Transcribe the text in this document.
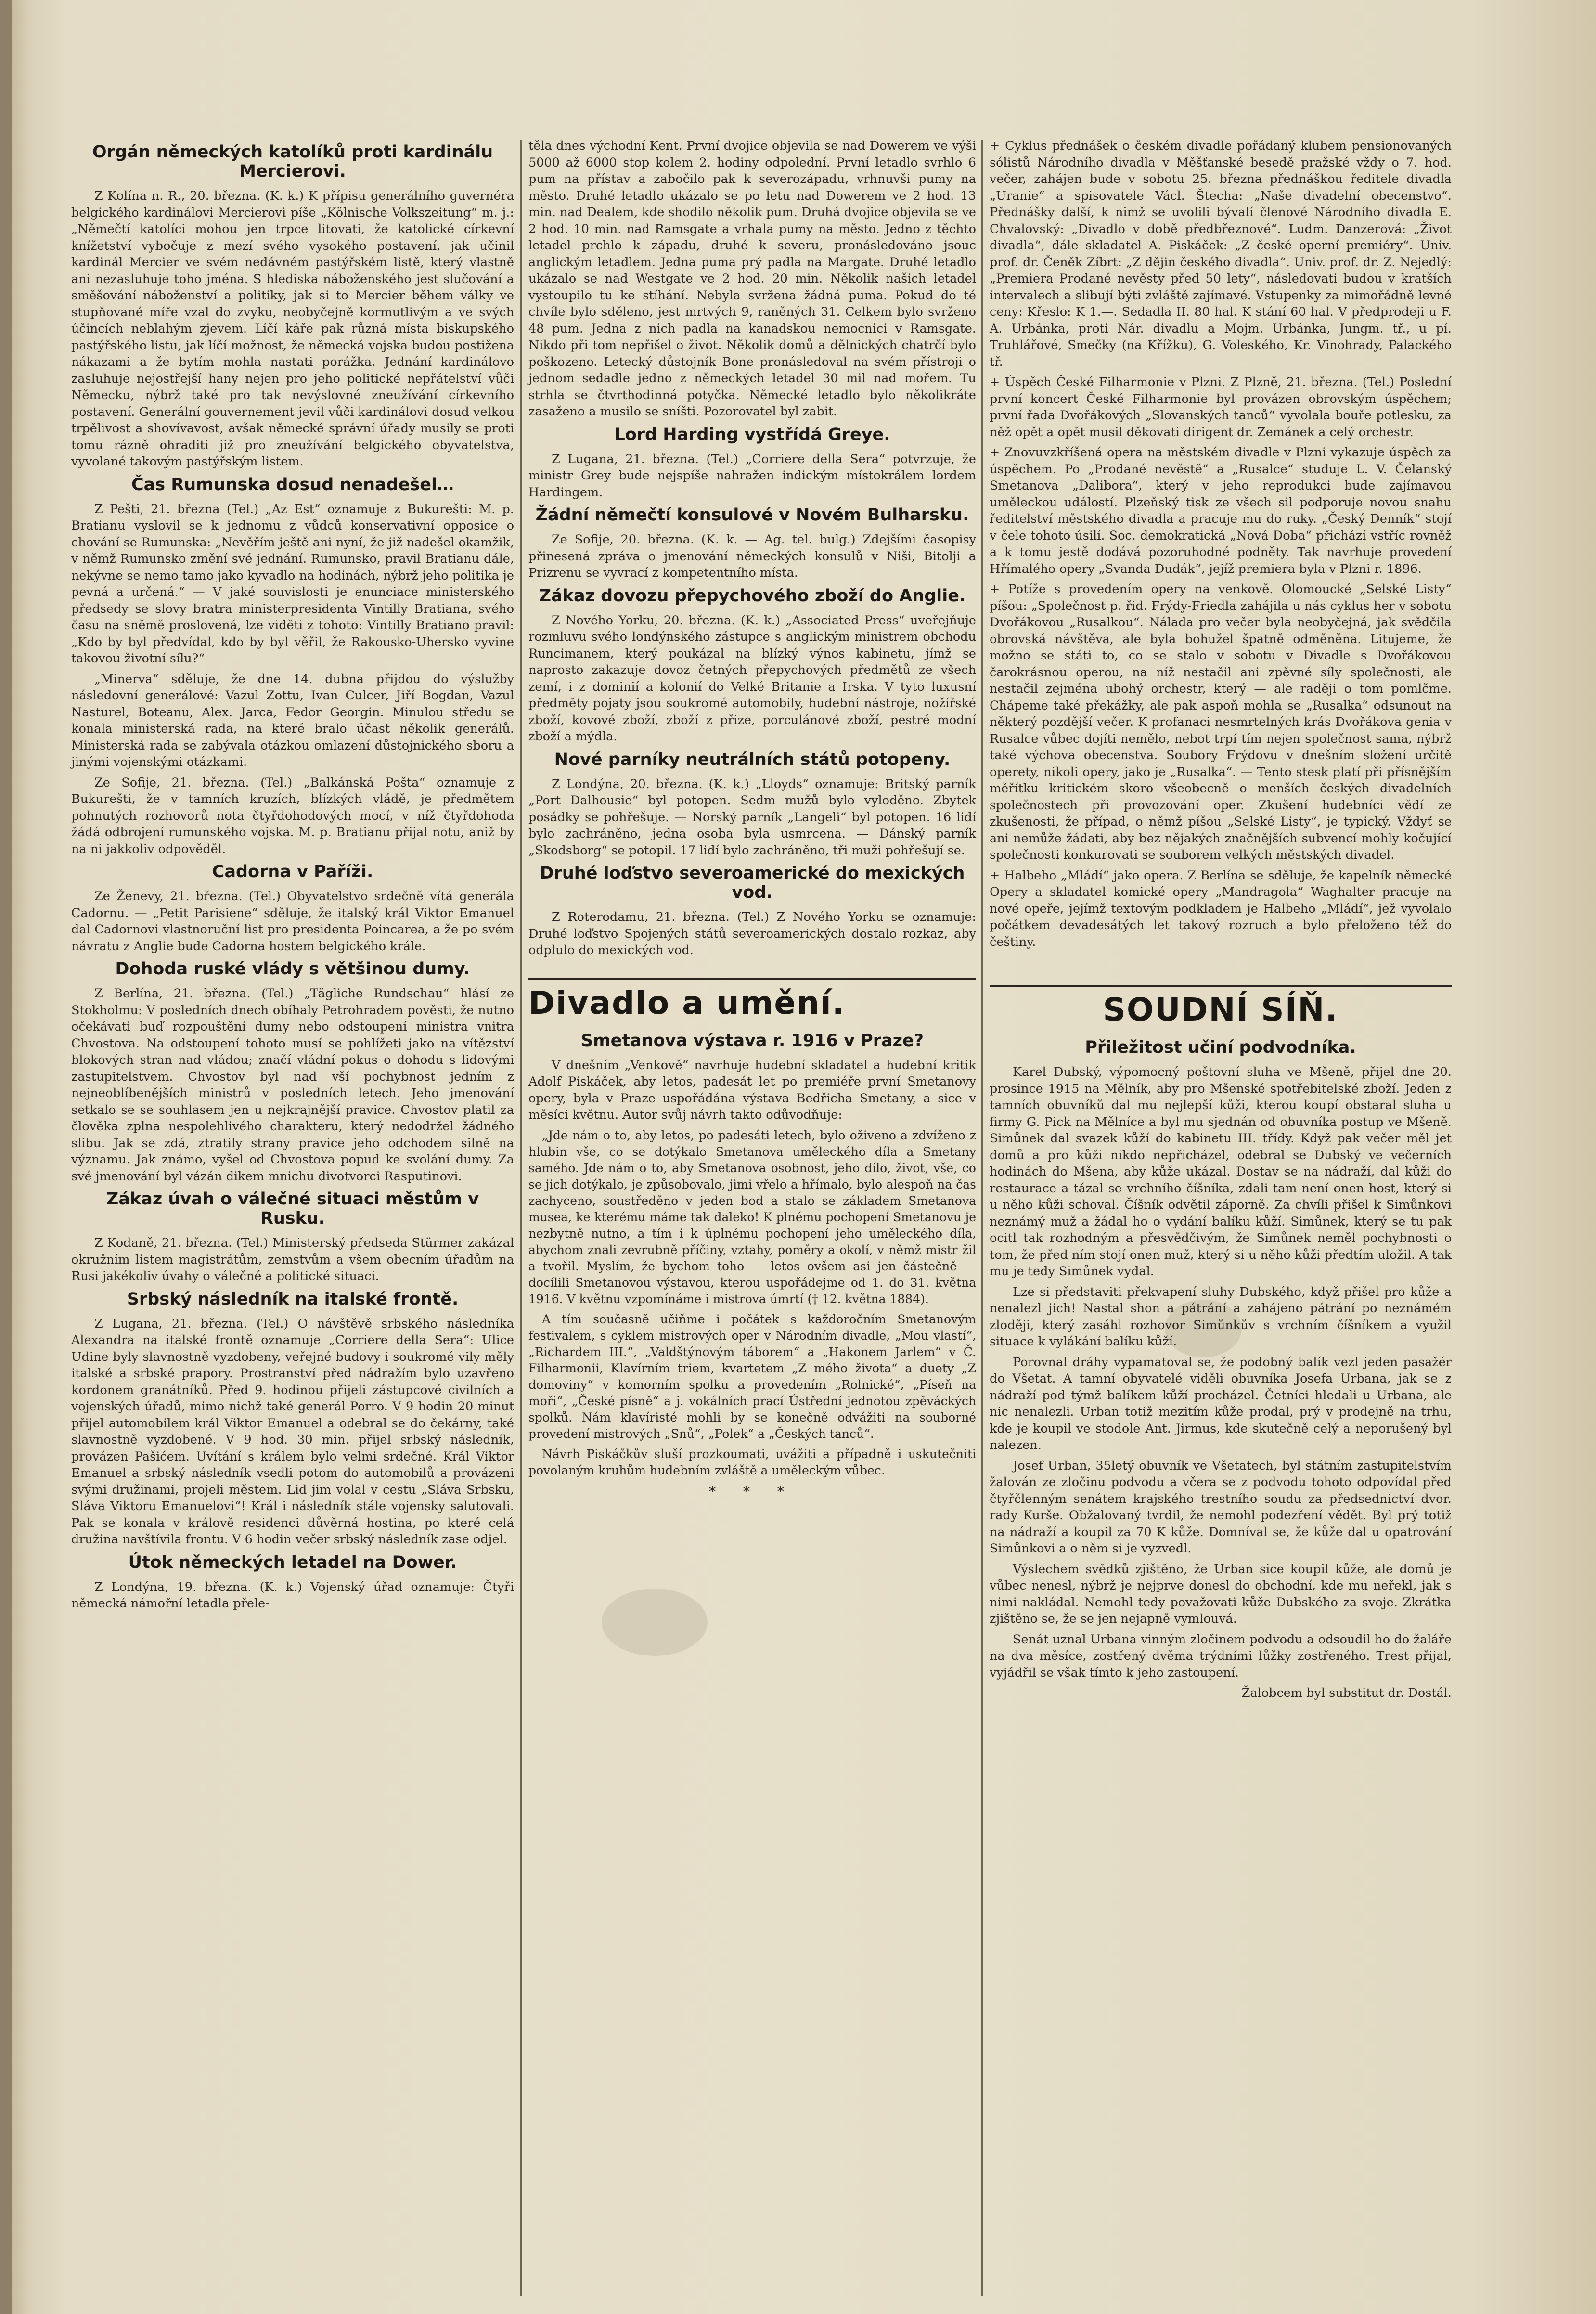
Orgán německých katolíků proti kardinálu Mercierovi.

Z Kolína n. R., 20. března. (K. k.) K přípisu generálního guvernéra belgického kardinálovi Mercierovi píše „Kölnische Volkszeitung“ m. j.: „Němečtí katolíci mohou jen trpce litovati, že katolické církevní knížetství vybočuje z mezí svého vysokého postavení, jak učinil kardinál Mercier ve svém nedávném pastýřském listě, který vlastně ani nezasluhuje toho jména. S hlediska náboženského jest slučování a směšování náboženství a politiky, jak si to Mercier během války ve stupňované míře vzal do zvyku, neobyčejně kormutlivým a ve svých účincích neblahým zjevem. Líčí káře pak různá místa biskupského pastýřského listu, jak líčí možnost, že německá vojska budou postižena nákazami a že bytím mohla nastati porážka. Jednání kardinálovo zasluhuje nejostřejší hany nejen pro jeho politické nepřátelství vůči Německu, nýbrž také pro tak nevýslovné zneužívání církevního postavení. Generální gouvernement jevil vůči kardinálovi dosud velkou trpělivost a shovívavost, avšak německé správní úřady musily se proti tomu rázně ohraditi již pro zneužívání belgického obyvatelstva, vyvolané takovým pastýřským listem.

Čas Rumunska dosud nenadešel…

Z Pešti, 21. března (Tel.) „Az Est“ oznamuje z Bukurešti: M. p. Bratianu vyslovil se k jednomu z vůdců konservativní opposice o chování se Rumunska: „Nevěřím ještě ani nyní, že již nadešel okamžik, v němž Rumunsko změní své jednání. Rumunsko, pravil Bratianu dále, nekývne se nemo tamo jako kyvadlo na hodinách, nýbrž jeho politika je pevná a určená.“ — V jaké souvislosti je enunciace ministerského předsedy se slovy bratra ministerpresidenta Vintilly Bratiana, svého času na sněmě proslovená, lze viděti z tohoto: Vintilly Bratiano pravil: „Kdo by byl předvídal, kdo by byl věřil, že Rakousko-Uhersko vyvine takovou životní sílu?“

„Minerva“ sděluje, že dne 14. dubna přijdou do výslužby následovní generálové: Vazul Zottu, Ivan Culcer, Jiří Bogdan, Vazul Nasturel, Boteanu, Alex. Jarca, Fedor Georgin. Minulou středu se konala ministerská rada, na které bralo účast několik generálů. Ministerská rada se zabývala otázkou omlazení důstojnického sboru a jinými vojenskými otázkami.

Ze Sofije, 21. března. (Tel.) „Balkánská Pošta“ oznamuje z Bukurešti, že v tamních kruzích, blízkých vládě, je předmětem pohnutých rozhovorů nota čtyřdohodových mocí, v níž čtyřdohoda žádá odbrojení rumunského vojska. M. p. Bratianu přijal notu, aniž by na ni jakkoliv odpověděl.

Cadorna v Paříži.

Ze Ženevy, 21. března. (Tel.) Obyvatelstvo srdečně vítá generála Cadornu. — „Petit Parisiene“ sděluje, že italský král Viktor Emanuel dal Cadornovi vlastnoruční list pro presidenta Poincarea, a že po svém návratu z Anglie bude Cadorna hostem belgického krále.

Dohoda ruské vlády s většinou dumy.

Z Berlína, 21. března. (Tel.) „Tägliche Rundschau“ hlásí ze Stokholmu: V posledních dnech obíhaly Petrohradem pověsti, že nutno očekávati buď rozpouštění dumy nebo odstoupení ministra vnitra Chvostova. Na odstoupení tohoto musí se pohlížeti jako na vítězství blokových stran nad vládou; značí vládní pokus o dohodu s lidovými zastupitelstvem. Chvostov byl nad vší pochybnost jedním z nejneoblíbenějších ministrů v posledních letech. Jeho jmenování setkalo se se souhlasem jen u nejkrajnější pravice. Chvostov platil za člověka zplna nespolehlivého charakteru, který nedodržel žádného slibu. Jak se zdá, ztratily strany pravice jeho odchodem silně na významu. Jak známo, vyšel od Chvostova popud ke svolání dumy. Za své jmenování byl vázán dikem mnichu divotvorci Rasputinovi.

Zákaz úvah o válečné situaci městům v Rusku.

Z Kodaně, 21. března. (Tel.) Ministerský předseda Stürmer zakázal okružním listem magistrátům, zemstvům a všem obecním úřadům na Rusi jakékoliv úvahy o válečné a politické situaci.

Srbský následník na italské frontě.

Z Lugana, 21. března. (Tel.) O návštěvě srbského následníka Alexandra na italské frontě oznamuje „Corriere della Sera“: Ulice Udine byly slavnostně vyzdobeny, veřejné budovy i soukromé vily měly italské a srbské prapory. Prostranství před nádražím bylo uzavřeno kordonem granátníků. Před 9. hodinou přijeli zástupcové civilních a vojenských úřadů, mimo nichž také generál Porro. V 9 hodin 20 minut přijel automobilem král Viktor Emanuel a odebral se do čekárny, také slavnostně vyzdobené. V 9 hod. 30 min. přijel srbský následník, provázen Pašićem. Uvítání s králem bylo velmi srdečné. Král Viktor Emanuel a srbský následník vsedli potom do automobilů a provázeni svými družinami, projeli městem. Lid jim volal v cestu „Sláva Srbsku, Sláva Viktoru Emanuelovi“! Král i následník stále vojensky salutovali. Pak se konala v králově residenci důvěrná hostina, po které celá družina navštívila frontu. V 6 hodin večer srbský následník zase odjel.

Útok německých letadel na Dower.

Z Londýna, 19. března. (K. k.) Vojenský úřad oznamuje: Čtyři německá námořní letadla přele-

těla dnes východní Kent. První dvojice objevila se nad Dowerem ve výši 5000 až 6000 stop kolem 2. hodiny odpolední. První letadlo svrhlo 6 pum na přístav a zabočilo pak k severozápadu, vrhnuvši pumy na město. Druhé letadlo ukázalo se po letu nad Dowerem ve 2 hod. 13 min. nad Dealem, kde shodilo několik pum. Druhá dvojice objevila se ve 2 hod. 10 min. nad Ramsgate a vrhala pumy na město. Jedno z těchto letadel prchlo k západu, druhé k severu, pronásledováno jsouc anglickým letadlem. Jedna puma prý padla na Margate. Druhé letadlo ukázalo se nad Westgate ve 2 hod. 20 min. Několik našich letadel vystoupilo tu ke stíhání. Nebyla svržena žádná puma. Pokud do té chvíle bylo sděleno, jest mrtvých 9, raněných 31. Celkem bylo svrženo 48 pum. Jedna z nich padla na kanadskou nemocnici v Ramsgate. Nikdo při tom nepřišel o život. Několik domů a dělnických chatrčí bylo poškozeno. Letecký důstojník Bone pronásledoval na svém přístroji o jednom sedadle jedno z německých letadel 30 mil nad mořem. Tu strhla se čtvrthodinná potyčka. Německé letadlo bylo několikráte zasaženo a musilo se sníšti. Pozorovatel byl zabit.

Lord Harding vystřídá Greye.

Z Lugana, 21. března. (Tel.) „Corriere della Sera“ potvrzuje, že ministr Grey bude nejspíše nahražen indickým místokrálem lordem Hardingem.

Žádní němečtí konsulové v Novém Bulharsku.

Ze Sofije, 20. března. (K. k. — Ag. tel. bulg.) Zdejšími časopisy přinesená zpráva o jmenování německých konsulů v Niši, Bitolji a Prizrenu se vyvrací z kompetentního místa.

Zákaz dovozu přepychového zboží do Anglie.

Z Nového Yorku, 20. března. (K. k.) „Associated Press“ uveřejňuje rozmluvu svého londýnského zástupce s anglickým ministrem obchodu Runcimanem, který poukázal na blízký výnos kabinetu, jímž se naprosto zakazuje dovoz četných přepychových předmětů ze všech zemí, i z dominií a kolonií do Velké Britanie a Irska. V tyto luxusní předměty pojaty jsou soukromé automobily, hudební nástroje, nožířské zboží, kovové zboží, zboží z přize, porculánové zboží, pestré modní zboží a mýdla.

Nové parníky neutrálních států potopeny.

Z Londýna, 20. března. (K. k.) „Lloyds“ oznamuje: Britský parník „Port Dalhousie“ byl potopen. Sedm mužů bylo vyloděno. Zbytek posádky se pohřešuje. — Norský parník „Langeli“ byl potopen. 16 lidí bylo zachráněno, jedna osoba byla usmrcena. — Dánský parník „Skodsborg“ se potopil. 17 lidí bylo zachráněno, tři muži pohřešují se.

Druhé loďstvo severoamerické do mexických vod.

Z Roterodamu, 21. března. (Tel.) Z Nového Yorku se oznamuje: Druhé loďstvo Spojených států severoamerických dostalo rozkaz, aby odplulo do mexických vod.

Divadlo a umění.
Smetanova výstava r. 1916 v Praze?

V dnešním „Venkově“ navrhuje hudební skladatel a hudební kritik Adolf Piskáček, aby letos, padesát let po premiéře první Smetanovy opery, byla v Praze uspořádána výstava Bedřicha Smetany, a sice v měsíci květnu. Autor svůj návrh takto odůvodňuje:

„Jde nám o to, aby letos, po padesáti letech, bylo oživeno a zdvíženo z hlubin vše, co se dotýkalo Smetanova uměleckého díla a Smetany samého. Jde nám o to, aby Smetanova osobnost, jeho dílo, život, vše, co se jich dotýkalo, je způsobovalo, jimi vřelo a hřímalo, bylo alespoň na čas zachyceno, soustředěno v jeden bod a stalo se základem Smetanova musea, ke kterému máme tak daleko! K plnému pochopení Smetanovu je nezbytně nutno, a tím i k úplnému pochopení jeho uměleckého díla, abychom znali zevrubně příčiny, vztahy, poměry a okolí, v němž mistr žil a tvořil. Myslím, že bychom toho — letos ovšem asi jen částečně — docílili Smetanovou výstavou, kterou uspořádejme od 1. do 31. května 1916. V květnu vzpomínáme i mistrova úmrtí († 12. května 1884).

A tím současně učiňme i počátek s každoročním Smetanovým festivalem, s cyklem mistrových oper v Národním divadle, „Mou vlastí“, „Richardem III.“, „Valdštýnovým táborem“ a „Hakonem Jarlem“ v Č. Filharmonii, Klavírním triem, kvartetem „Z mého života“ a duety „Z domoviny“ v komorním spolku a provedením „Rolnické“, „Píseň na moři“, „České písně“ a j. vokálních prací Ústřední jednotou zpěváckých spolků. Nám klavíristé mohli by se konečně odvážiti na souborné provedení mistrových „Snů“, „Polek“ a „Českých tanců“.

Návrh Piskáčkův sluší prozkoumati, uvážiti a případně i uskutečniti povolaným kruhům hudebním zvláště a uměleckým vůbec.

* * *

+ Cyklus přednášek o českém divadle pořádaný klubem pensionovaných sólistů Národního divadla v Měšťanské besedě pražské vždy o 7. hod. večer, zahájen bude v sobotu 25. března přednáškou ředitele divadla „Uranie“ a spisovatele Václ. Štecha: „Naše divadelní obecenstvo“. Přednášky další, k nimž se uvolili bývalí členové Národního divadla E. Chvalovský: „Divadlo v době předbřeznové“. Ludm. Danzerová: „Život divadla“, dále skladatel A. Piskáček: „Z české operní premiéry“. Univ. prof. dr. Čeněk Zíbrt: „Z dějin českého divadla“. Univ. prof. dr. Z. Nejedlý: „Premiera Prodané nevěsty před 50 lety“, následovati budou v kratších intervalech a slibují býti zvláště zajímavé. Vstupenky za mimořádně levné ceny: Křeslo: K 1.—. Sedadla II. 80 hal. K stání 60 hal. V předprodeji u F. A. Urbánka, proti Nár. divadlu a Mojm. Urbánka, Jungm. tř., u pí. Truhlářové, Smečky (na Křížku), G. Voleského, Kr. Vinohrady, Palackého tř.

+ Úspěch České Filharmonie v Plzni. Z Plzně, 21. března. (Tel.) Poslední první koncert České Filharmonie byl provázen obrovským úspěchem; první řada Dvořákových „Slovanských tanců“ vyvolala bouře potlesku, za něž opět a opět musil děkovati dirigent dr. Zemánek a celý orchestr.

+ Znovuvzkříšená opera na městském divadle v Plzni vykazuje úspěch za úspěchem. Po „Prodané nevěstě“ a „Rusalce“ studuje L. V. Čelanský Smetanova „Dalibora“, který v jeho reprodukci bude zajímavou uměleckou událostí. Plzeňský tisk ze všech sil podporuje novou snahu ředitelství městského divadla a pracuje mu do ruky. „Český Denník“ stojí v čele tohoto úsilí. Soc. demokratická „Nová Doba“ přichází vstříc rovněž a k tomu jestě dodává pozoruhodné podněty. Tak navrhuje provedení Hřímalého opery „Svanda Dudák“, jejíž premiera byla v Plzni r. 1896.

+ Potíže s provedením opery na venkově. Olomoucké „Selské Listy“ píšou: „Společnost p. řid. Frýdy-Friedla zahájila u nás cyklus her v sobotu Dvořákovou „Rusalkou“. Nálada pro večer byla neobyčejná, jak svědčila obrovská návštěva, ale byla bohužel špatně odměněna. Litujeme, že možno se státi to, co se stalo v sobotu v Divadle s Dvořákovou čarokrásnou operou, na níž nestačil ani zpěvné síly společnosti, ale nestačil zejména ubohý orchestr, který — ale raději o tom pomlčme. Chápeme také překážky, ale pak aspoň mohla se „Rusalka“ odsunout na některý pozdější večer. K profanaci nesmrtelných krás Dvořákova genia v Rusalce vůbec dojíti nemělo, nebot trpí tím nejen společnost sama, nýbrž také výchova obecenstva. Soubory Frýdovu v dnešním složení určitě operety, nikoli opery, jako je „Rusalka“. — Tento stesk platí při přísnějším měřítku kritickém skoro všeobecně o menších českých divadelních společnostech při provozování oper. Zkušení hudebníci vědí ze zkušenosti, že případ, o němž píšou „Selské Listy“, je typický. Vždyť se ani nemůže žádati, aby bez nějakých značnějších subvencí mohly kočující společnosti konkurovati se souborem velkých městských divadel.

+ Halbeho „Mládí“ jako opera. Z Berlína se sděluje, že kapelník německé Opery a skladatel komické opery „Mandragola“ Waghalter pracuje na nové opeře, jejímž textovým podkladem je Halbeho „Mládí“, jež vyvolalo počátkem devadesátých let takový rozruch a bylo přeloženo též do češtiny.

SOUDNÍ SÍŇ.
Přiležitost učiní podvodníka.

Karel Dubský, výpomocný poštovní sluha ve Mšeně, přijel dne 20. prosince 1915 na Mělník, aby pro Mšenské spotřebitelské zboží. Jeden z tamních obuvníků dal mu nejlepší kůži, kterou koupí obstaral sluha u firmy G. Pick na Mělníce a byl mu sjednán od obuvníka postup ve Mšeně. Simůnek dal svazek kůží do kabinetu III. třídy. Když pak večer měl jet domů a pro kůži nikdo nepřicházel, odebral se Dubský ve večerních hodinách do Mšena, aby kůže ukázal. Dostav se na nádraží, dal kůži do restaurace a tázal se vrchního číšníka, zdali tam není onen host, který si u něho kůži schoval. Číšník odvětil záporně. Za chvíli přišel k Simůnkovi neznámý muž a žádal ho o vydání balíku kůží. Simůnek, který se tu pak ocitl tak rozhodným a přesvědčivým, že Simůnek neměl pochybnosti o tom, že před ním stojí onen muž, který si u něho kůži předtím uložil. A tak mu je tedy Simůnek vydal.

Lze si představiti překvapení sluhy Dubského, když přišel pro kůže a nenalezl jich! Nastal shon a pátrání a zahájeno pátrání po neznámém zloději, který zasáhl rozhovor Simůnkův s vrchním číšníkem a využil situace k vylákání balíku kůží.

Porovnal dráhy vypamatoval se, že podobný balík vezl jeden pasažér do Všetat. A tamní obyvatelé viděli obuvníka Josefa Urbana, jak se z nádraží pod týmž balíkem kůží procházel. Četníci hledali u Urbana, ale nic nenalezli. Urban totiž mezitím kůže prodal, prý v prodejně na trhu, kde je koupil ve stodole Ant. Jirmus, kde skutečně celý a neporušený byl nalezen.

Josef Urban, 35letý obuvník ve Všetatech, byl státním zastupitelstvím žalován ze zločinu podvodu a včera se z podvodu tohoto odpovídal před čtyřčlenným senátem krajského trestního soudu za předsednictví dvor. rady Kurše. Obžalovaný tvrdil, že nemohl podezření vědět. Byl prý totiž na nádraží a koupil za 70 K kůže. Domníval se, že kůže dal u opatrování Simůnkovi a o něm si je vyzvedl.

Výslechem svědků zjištěno, že Urban sice koupil kůže, ale domů je vůbec nenesl, nýbrž je nejprve donesl do obchodní, kde mu neřekl, jak s nimi nakládal. Nemohl tedy považovati kůže Dubského za svoje. Zkrátka zjištěno se, že se jen nejapně vymlouvá.

Senát uznal Urbana vinným zločinem podvodu a odsoudil ho do žaláře na dva měsíce, zostřený dvěma trýdními lůžky zostřeného. Trest přijal, vyjádřil se však tímto k jeho zastoupení.

Žalobcem byl substitut dr. Dostál.
